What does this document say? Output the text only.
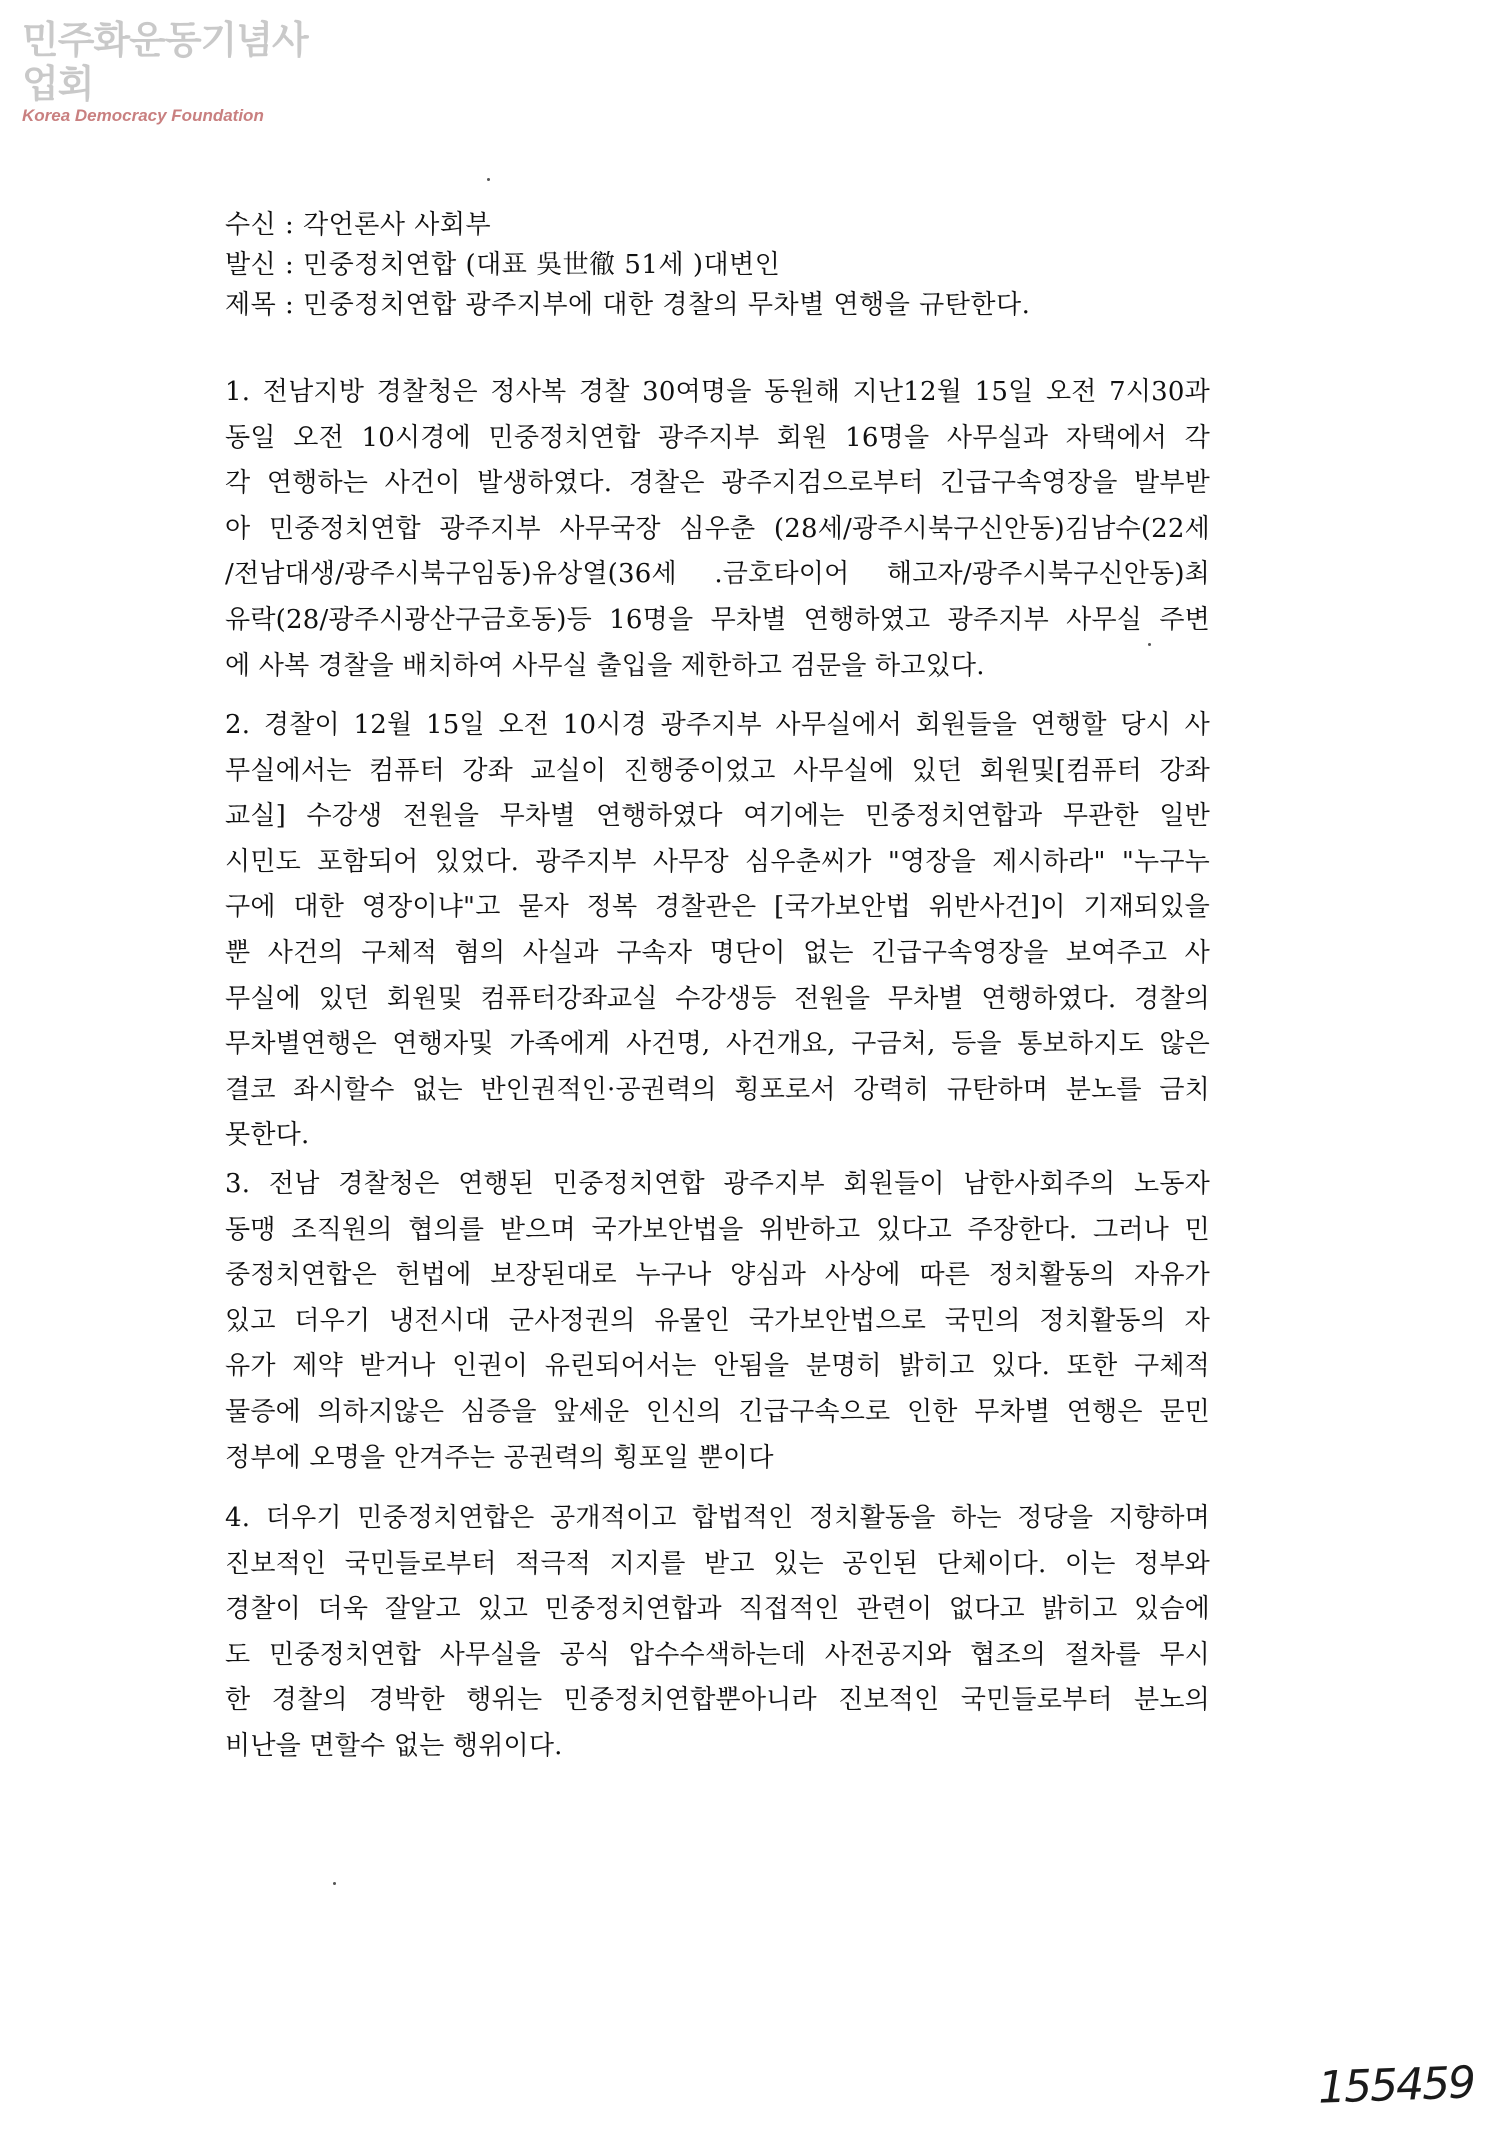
민주화운동기념사업회
Korea Democracy Foundation
수신 : 각언론사 사회부
발신 : 민중정치연합 (대표 吳世徹 51세 )대변인
제목 : 민중정치연합 광주지부에 대한 경찰의 무차별 연행을 규탄한다.
1. 전남지방 경찰청은 정사복 경찰 30여명을 동원해 지난12월 15일 오전 7시30과
동일 오전 10시경에 민중정치연합 광주지부 회원 16명을 사무실과 자택에서 각
각 연행하는 사건이 발생하였다. 경찰은 광주지검으로부터 긴급구속영장을 발부받
아 민중정치연합 광주지부 사무국장 심우춘 (28세/광주시북구신안동)김남수(22세
/전남대생/광주시북구임동)유상열(36세 .금호타이어 해고자/광주시북구신안동)최
유락(28/광주시광산구금호동)등 16명을 무차별 연행하였고 광주지부 사무실 주변
에 사복 경찰을 배치하여 사무실 출입을 제한하고 검문을 하고있다.
2. 경찰이 12월 15일 오전 10시경 광주지부 사무실에서 회원들을 연행할 당시 사
무실에서는 컴퓨터 강좌 교실이 진행중이었고 사무실에 있던 회원및[컴퓨터 강좌
교실] 수강생 전원을 무차별 연행하였다 여기에는 민중정치연합과 무관한 일반
시민도 포함되어 있었다. 광주지부 사무장 심우춘씨가 "영장을 제시하라" "누구누
구에 대한 영장이냐"고 묻자 정복 경찰관은 [국가보안법 위반사건]이 기재되있을
뿐 사건의 구체적 혐의 사실과 구속자 명단이 없는 긴급구속영장을 보여주고 사
무실에 있던 회원및 컴퓨터강좌교실 수강생등 전원을 무차별 연행하였다. 경찰의
무차별연행은 연행자및 가족에게 사건명, 사건개요, 구금처, 등을 통보하지도 않은
결코 좌시할수 없는 반인권적인·공권력의 횡포로서 강력히 규탄하며 분노를 금치
못한다.
3. 전남 경찰청은 연행된 민중정치연합 광주지부 회원들이 남한사회주의 노동자
동맹 조직원의 협의를 받으며 국가보안법을 위반하고 있다고 주장한다. 그러나 민
중정치연합은 헌법에 보장된대로 누구나 양심과 사상에 따른 정치활동의 자유가
있고 더우기 냉전시대 군사정권의 유물인 국가보안법으로 국민의 정치활동의 자
유가 제약 받거나 인권이 유린되어서는 안됨을 분명히 밝히고 있다. 또한 구체적
물증에 의하지않은 심증을 앞세운 인신의 긴급구속으로 인한 무차별 연행은 문민
정부에 오명을 안겨주는 공권력의 횡포일 뿐이다
4. 더우기 민중정치연합은 공개적이고 합법적인 정치활동을 하는 정당을 지향하며
진보적인 국민들로부터 적극적 지지를 받고 있는 공인된 단체이다. 이는 정부와
경찰이 더욱 잘알고 있고 민중정치연합과 직접적인 관련이 없다고 밝히고 있슴에
도 민중정치연합 사무실을 공식 압수수색하는데 사전공지와 협조의 절차를 무시
한 경찰의 경박한 행위는 민중정치연합뿐아니라 진보적인 국민들로부터 분노의
비난을 면할수 없는 행위이다.
155459
